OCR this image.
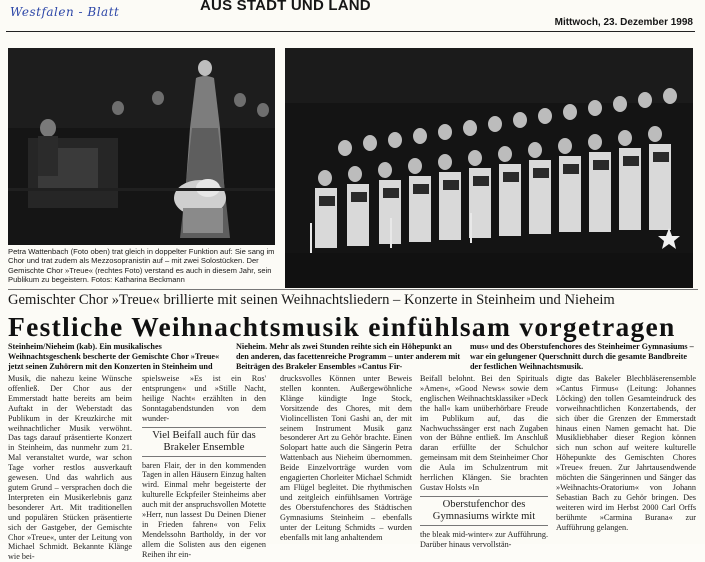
Westfalen - Blatt	AUS STADT UND LAND
Mittwoch, 23. Dezember 1998
Petra Wattenbach (Foto oben) trat gleich in doppelter Funktion auf: Sie sang im Chor und trat zudem als Mezzosopranistin auf – mit zwei Solostücken. Der Gemischte Chor »Treue« (rechtes Foto) verstand es auch in diesem Jahr, sein Publikum zu begeistern. Fotos: Katharina Beckmann
Gemischter Chor »Treue« brillierte mit seinen Weihnachtsliedern – Konzerte in Steinheim und Nieheim
Festliche Weihnachtsmusik einfühlsam vorgetragen
Steinheim/Nieheim (kab). Ein musikalisches Weihnachtsgeschenk bescherte der Gemischte Chor »Treue« jetzt seinen Zuhörern mit den Konzerten in Steinheim und
Nieheim. Mehr als zwei Stunden reihte sich ein Höhepunkt an den anderen, das facettenreiche Programm – unter anderem mit Beiträgen des Brakeler Ensembles »Cantus Fir-
mus« und des Oberstufenchores des Steinheimer Gymnasiums – war ein gelungener Querschnitt durch die gesamte Bandbreite der festlichen Weihnachtsmusik.

Musik, die nahezu keine Wünsche offenließ. Der Chor aus der Emmerstadt hatte bereits am beim Auftakt in der Weberstadt das Publikum in der Kreuzkirche mit weihnachtlicher Musik verwöhnt. Das tags darauf präsentierte Konzert in Steinheim, das nunmehr zum 21. Mal veranstaltet wurde, war schon Tage vorher restlos ausverkauft gewesen. Und das wahrlich aus gutem Grund – versprachen doch die Interpreten ein Musikerlebnis ganz besonderer Art. Mit traditionellen und populären Stücken präsentierte sich der Gastgeber, der Gemischte Chor »Treue«, unter der Leitung von Michael Schmidt. Bekannte Klänge wie bei-

spielsweise »Es ist ein Ros' entsprungen« und »Stille Nacht, heilige Nacht« erzählten in den Sonntagabendstunden von dem wunder-

Viel Beifall auch für das Brakeler Ensemble

baren Flair, der in den kommenden Tagen in allen Häusern Einzug halten wird. Einmal mehr begeisterte der kulturelle Eckpfeiler Steinheims aber auch mit der anspruchsvollen Motette »Herr, nun lassest Du Deinen Diener in Frieden fahren« von Felix Mendelssohn Bartholdy, in der vor allem die Solisten aus den eigenen Reihen ihr ein-

drucksvolles Können unter Beweis stellen konnten. Außergewöhnliche Klänge kündigte Inge Stock, Vorsitzende des Chores, mit dem Violincellisten Toni Gashi an, der mit seinem Instrument Musik ganz besonderer Art zu Gehör brachte. Einen Solopart hatte auch die Sängerin Petra Wattenbach aus Nieheim übernommen. Beide Einzelvorträge wurden vom engagierten Chorleiter Michael Schmidt am Flügel begleitet. Die rhythmischen und zeitgleich einfühlsamen Vorträge des Oberstufenchores des Städtischen Gymnasiums Steinheim – ebenfalls unter der Leitung Schmidts – wurden ebenfalls mit lang anhaltendem

Beifall belohnt. Bei den Spirituals »Amen«, »Good News« sowie dem englischen Weihnachtsklassiker »Deck the hall« kam unüberhörbare Freude im Publikum auf, das die Nachwuchssänger erst nach Zugaben von der Bühne entließ. Im Anschluß daran erfüllte der Schulchor gemeinsam mit dem Steinheimer Chor die Aula im Schulzentrum mit herrlichen Klängen. Sie brachten Gustav Holsts »In

Oberstufenchor des Gymnasiums wirkte mit

the bleak mid-winter« zur Aufführung. Darüber hinaus vervollstän-

digte das Bakeler Blechbläserensemble »Cantus Firmus« (Leitung: Johannes Löcking) den tollen Gesamteindruck des vorweihnachtlichen Konzertabends, der sich über die Grenzen der Emmerstadt hinaus einen Namen gemacht hat. Die Musikliebhaber dieser Region können sich nun schon auf weitere kulturelle Höhepunkte des Gemischten Chores »Treue« freuen. Zur Jahrtausendwende möchten die Sängerinnen und Sänger das »Weihnachts-Oratorium« von Johann Sebastian Bach zu Gehör bringen. Des weiteren wird im Herbst 2000 Carl Orffs berühmte »Carmina Burana« zur Aufführung gelangen.
